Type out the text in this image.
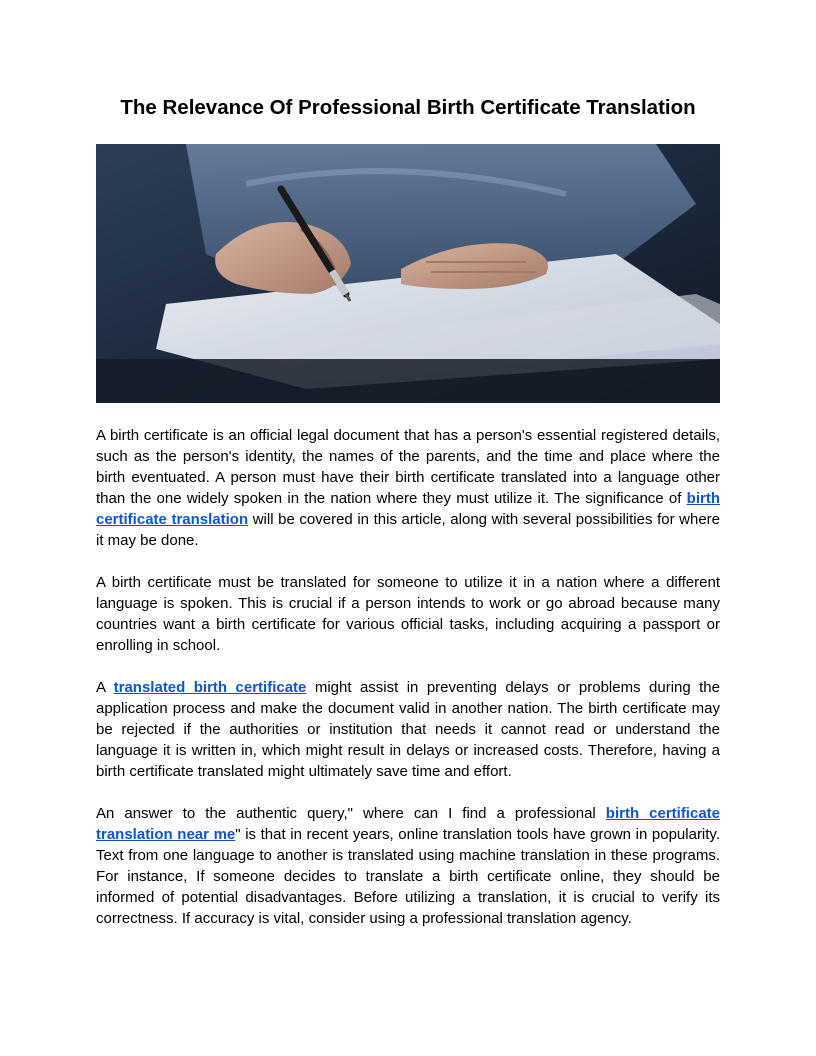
The Relevance Of Professional Birth Certificate Translation

A birth certificate is an official legal document that has a person's essential registered details, such as the person's identity, the names of the parents, and the time and place where the birth eventuated. A person must have their birth certificate translated into a language other than the one widely spoken in the nation where they must utilize it. The significance of birth certificate translation will be covered in this article, along with several possibilities for where it may be done.

A birth certificate must be translated for someone to utilize it in a nation where a different language is spoken. This is crucial if a person intends to work or go abroad because many countries want a birth certificate for various official tasks, including acquiring a passport or enrolling in school.

A translated birth certificate might assist in preventing delays or problems during the application process and make the document valid in another nation. The birth certificate may be rejected if the authorities or institution that needs it cannot read or understand the language it is written in, which might result in delays or increased costs. Therefore, having a birth certificate translated might ultimately save time and effort.

An answer to the authentic query," where can I find a professional birth certificate translation near me" is that in recent years, online translation tools have grown in popularity. Text from one language to another is translated using machine translation in these programs. For instance, If someone decides to translate a birth certificate online, they should be informed of potential disadvantages. Before utilizing a translation, it is crucial to verify its correctness. If accuracy is vital, consider using a professional translation agency.
